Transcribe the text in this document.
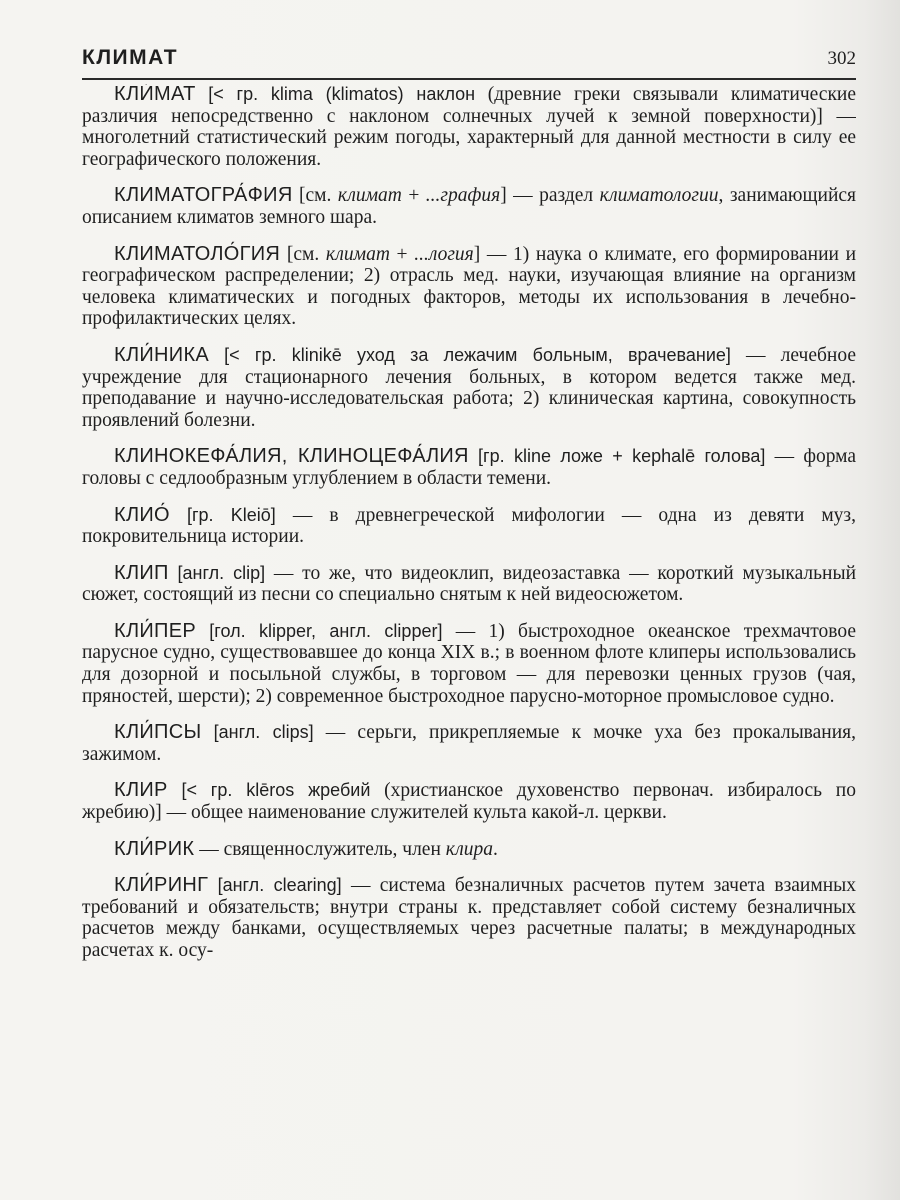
КЛИМАТ	302

КЛИ́МАТ [< гр. klima (klimatos) наклон (древние греки связывали климатические различия непосредственно с наклоном солнечных лучей к земной поверхности)] — многолетний статистический режим погоды, характерный для данной местности в силу ее географического положения.

КЛИМАТОГРА́ФИЯ [см. климат + ...графия] — раздел климатологии, занимающийся описанием климатов земного шара.

КЛИМАТОЛО́ГИЯ [см. климат + ...логия] — 1) наука о климате, его формировании и географическом распределении; 2) отрасль мед. науки, изучающая влияние на организм человека климатических и погодных факторов, методы их использования в лечебно-профилактических целях.

КЛИ́НИКА [< гр. klinikē уход за лежачим больным, врачевание] — лечебное учреждение для стационарного лечения больных, в котором ведется также мед. преподавание и научно-исследовательская работа; 2) клиническая картина, совокупность проявлений болезни.

КЛИНОКЕФА́ЛИЯ, КЛИНОЦЕФА́ЛИЯ [гр. kline ложе + kephalē голова] — форма головы с седлообразным углублением в области темени.

КЛИО́ [гр. Kleiō] — в древнегреческой мифологии — одна из девяти муз, покровительница истории.

КЛИП [англ. clip] — то же, что видеоклип, видеозаставка — короткий музыкальный сюжет, состоящий из песни со специально снятым к ней видеосюжетом.

КЛИ́ПЕР [гол. klipper, англ. clipper] — 1) быстроходное океанское трехмачтовое парусное судно, существовавшее до конца XIX в.; в военном флоте клиперы использовались для дозорной и посыльной службы, в торговом — для перевозки ценных грузов (чая, пряностей, шерсти); 2) современное быстроходное парусно-моторное промысловое судно.

КЛИ́ПСЫ [англ. clips] — серьги, прикрепляемые к мочке уха без прокалывания, зажимом.

КЛИР [< гр. klēros жребий (христианское духовенство первонач. избиралось по жребию)] — общее наименование служителей культа какой-л. церкви.

КЛИ́РИК — священнослужитель, член клира.

КЛИ́РИНГ [англ. clearing] — система безналичных расчетов путем зачета взаимных требований и обязательств; внутри страны к. представляет собой систему безналичных расчетов между банками, осуществляемых через расчетные палаты; в международных расчетах к. осу-
